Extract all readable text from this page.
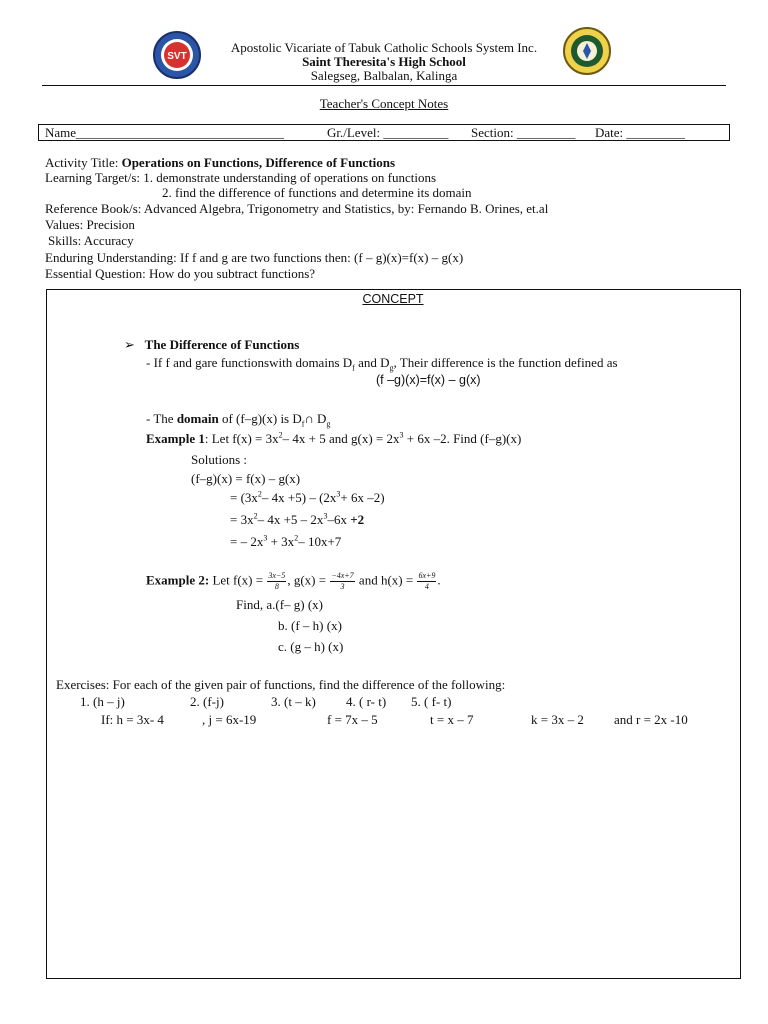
SVT
Apostolic Vicariate of Tabuk Catholic Schools System Inc.
Saint Theresita's High School
Salegseg, Balbalan, Kalinga
Teacher's Concept Notes
Name________________________________	Gr./Level: __________ Section: _________ Date: _________
Activity Title: Operations on Functions, Difference of Functions
Learning Target/s: 1. demonstrate understanding of operations on functions
2. find the difference of functions and determine its domain
Reference Book/s: Advanced Algebra, Trigonometry and Statistics, by: Fernando B. Orines, et.al
Values: Precision
Skills: Accuracy
Enduring Understanding: If f and g are two functions then: (f – g)(x)=f(x) – g(x)
Essential Question: How do you subtract functions?
CONCEPT
➢ The Difference of Functions
- If f and gare functionswith domains $D_f$ and $D_g$, Their difference is the function defined as
(f –g)(x)=f(x) – g(x)
- The domain of (f–g)(x) is $D_f\cap$ $D_g$
Example 1: Let $f(x) = 3x^2-$ 4x + 5 and $g(x) = 2x^3 + 6x$ –2. Find (f–g)(x)
Solutions :
(f–g)(x) = f(x) – g(x)
= ($3x^2-$ $4x +5) - (2x^3+ 6x$ –2)
= $3x^2-$ $4x +5 - 2x^3-6x +2$
= – $2x^3 + 3x^2-$ 10x+7
Example 2: Let $f(x) = \frac{3x-5}{8}$ , $g(x) = \frac{-4x+7}{3}$ and $h(x) = \frac{6x+9}{4}$ .
Find, a.(f– g) (x)
b. (f – h) (x)
c. (g – h) (x)
Exercises: For each of the given pair of functions, find the difference of the following:
1. (h – j)	2. (f-j)	3. (t – k) 4. ( r- t) 5. ( f- t)
If: h = 3x- 4	, j = 6x-19	f = 7x – 5	t = x – 7	k = 3x – 2 and r = 2x -10
